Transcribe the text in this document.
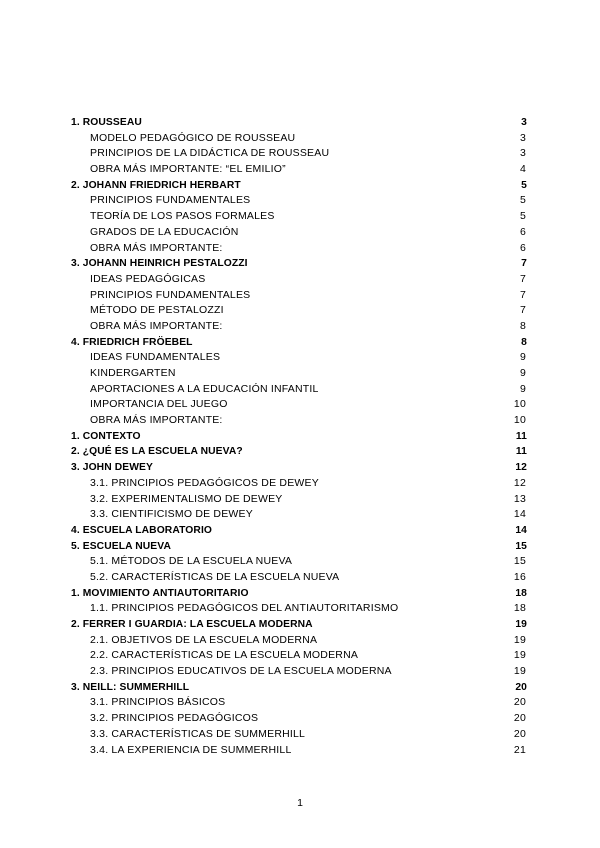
1. ROUSSEAU	3
MODELO PEDAGÓGICO DE ROUSSEAU	3
PRINCIPIOS DE LA DIDÁCTICA DE ROUSSEAU	3
OBRA MÁS IMPORTANTE: “EL EMILIO”	4
2. JOHANN FRIEDRICH HERBART	5
PRINCIPIOS FUNDAMENTALES	5
TEORÍA DE LOS PASOS FORMALES	5
GRADOS DE LA EDUCACIÓN	6
OBRA MÁS IMPORTANTE:	6
3. JOHANN HEINRICH PESTALOZZI	7
IDEAS PEDAGÓGICAS	7
PRINCIPIOS FUNDAMENTALES	7
MÉTODO DE PESTALOZZI	7
OBRA MÁS IMPORTANTE:	8
4. FRIEDRICH FRÖEBEL	8
IDEAS FUNDAMENTALES	9
KINDERGARTEN	9
APORTACIONES A LA EDUCACIÓN INFANTIL	9
IMPORTANCIA DEL JUEGO	10
OBRA MÁS IMPORTANTE:	10
1. CONTEXTO	11
2. ¿QUÉ ES LA ESCUELA NUEVA?	11
3. JOHN DEWEY	12
3.1. PRINCIPIOS PEDAGÓGICOS DE DEWEY	12
3.2. EXPERIMENTALISMO DE DEWEY	13
3.3. CIENTIFICISMO DE DEWEY	14
4. ESCUELA LABORATORIO	14
5. ESCUELA NUEVA	15
5.1. MÉTODOS DE LA ESCUELA NUEVA	15
5.2. CARACTERÍSTICAS DE LA ESCUELA NUEVA	16
1. MOVIMIENTO ANTIAUTORITARIO	18
1.1. PRINCIPIOS PEDAGÓGICOS DEL ANTIAUTORITARISMO	18
2. FERRER I GUARDIA: LA ESCUELA MODERNA	19
2.1. OBJETIVOS DE LA ESCUELA MODERNA	19
2.2. CARACTERÍSTICAS DE LA ESCUELA MODERNA	19
2.3. PRINCIPIOS EDUCATIVOS DE LA ESCUELA MODERNA	19
3. NEILL: SUMMERHILL	20
3.1. PRINCIPIOS BÁSICOS	20
3.2. PRINCIPIOS PEDAGÓGICOS	20
3.3. CARACTERÍSTICAS DE SUMMERHILL	20
3.4. LA EXPERIENCIA DE SUMMERHILL	21
1
